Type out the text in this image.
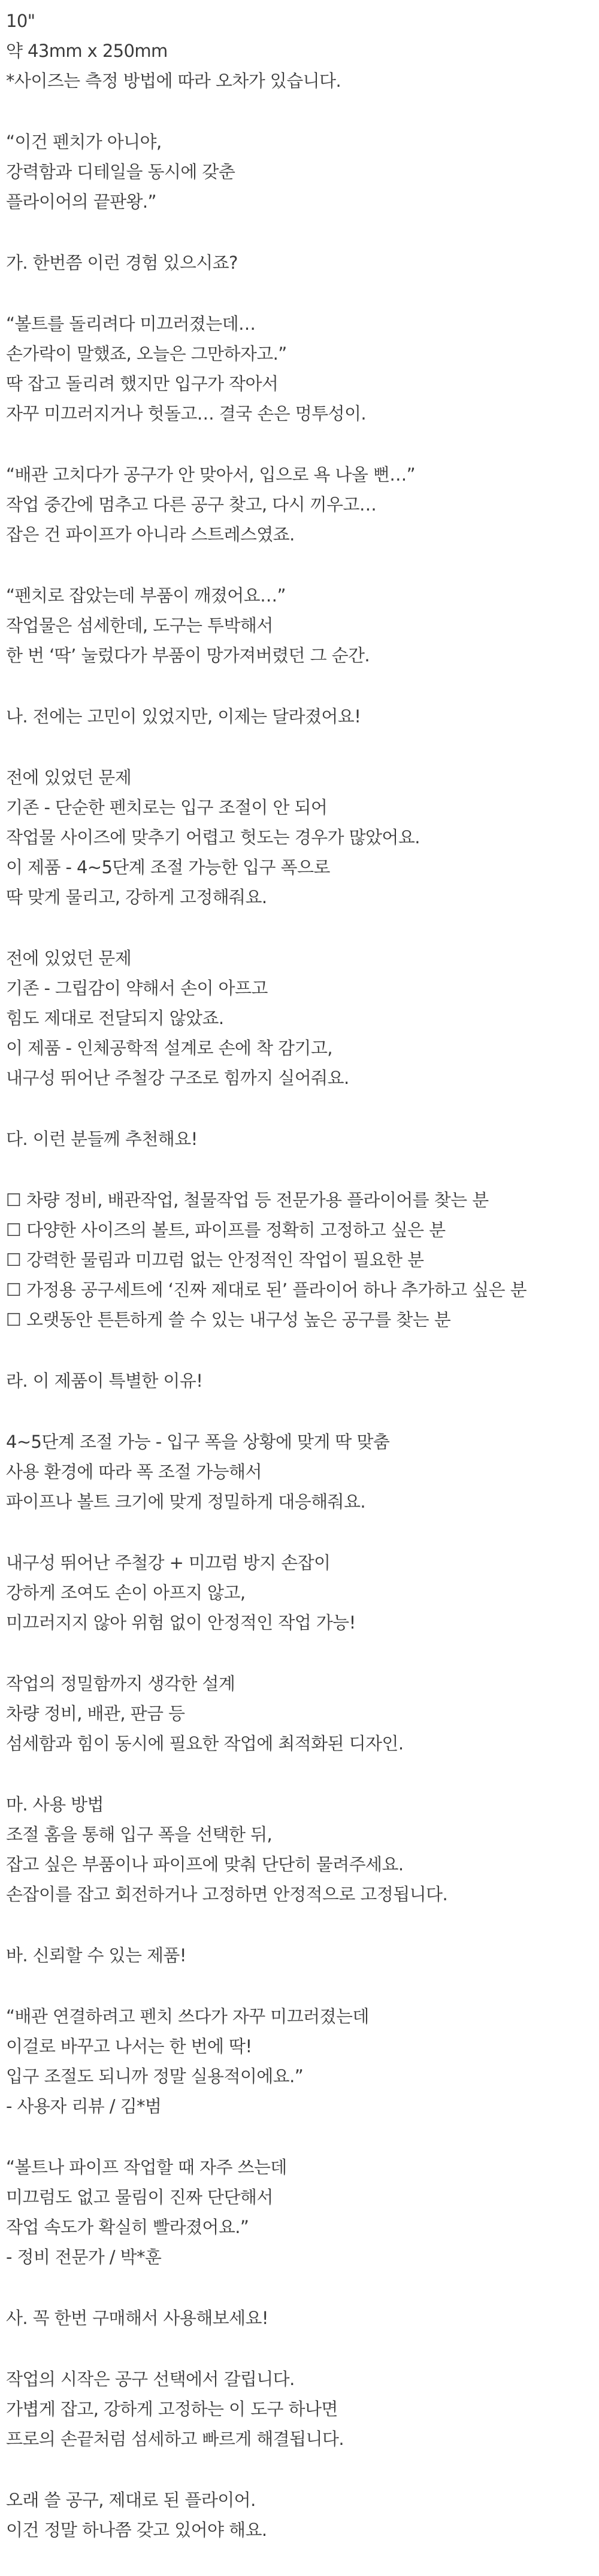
10"
약 43mm x 250mm
*사이즈는 측정 방법에 따라 오차가 있습니다.
“이건 펜치가 아니야,
강력함과 디테일을 동시에 갖춘
플라이어의 끝판왕.”
가. 한번쯤 이런 경험 있으시죠?
“볼트를 돌리려다 미끄러졌는데…
손가락이 말했죠, 오늘은 그만하자고.”
딱 잡고 돌리려 했지만 입구가 작아서
자꾸 미끄러지거나 헛돌고… 결국 손은 멍투성이.
“배관 고치다가 공구가 안 맞아서, 입으로 욕 나올 뻔…”
작업 중간에 멈추고 다른 공구 찾고, 다시 끼우고…
잡은 건 파이프가 아니라 스트레스였죠.
“펜치로 잡았는데 부품이 깨졌어요…”
작업물은 섬세한데, 도구는 투박해서
한 번 ‘딱’ 눌렀다가 부품이 망가져버렸던 그 순간.
나. 전에는 고민이 있었지만, 이제는 달라졌어요!
전에 있었던 문제
기존 - 단순한 펜치로는 입구 조절이 안 되어
작업물 사이즈에 맞추기 어렵고 헛도는 경우가 많았어요.
이 제품 - 4~5단계 조절 가능한 입구 폭으로
딱 맞게 물리고, 강하게 고정해줘요.
전에 있었던 문제
기존 - 그립감이 약해서 손이 아프고
힘도 제대로 전달되지 않았죠.
이 제품 - 인체공학적 설계로 손에 착 감기고,
내구성 뛰어난 주철강 구조로 힘까지 실어줘요.
다. 이런 분들께 추천해요!
☐ 차량 정비, 배관작업, 철물작업 등 전문가용 플라이어를 찾는 분
☐ 다양한 사이즈의 볼트, 파이프를 정확히 고정하고 싶은 분
☐ 강력한 물림과 미끄럼 없는 안정적인 작업이 필요한 분
☐ 가정용 공구세트에 ‘진짜 제대로 된’ 플라이어 하나 추가하고 싶은 분
☐ 오랫동안 튼튼하게 쓸 수 있는 내구성 높은 공구를 찾는 분
라. 이 제품이 특별한 이유!
4~5단계 조절 가능 - 입구 폭을 상황에 맞게 딱 맞춤
사용 환경에 따라 폭 조절 가능해서
파이프나 볼트 크기에 맞게 정밀하게 대응해줘요.
내구성 뛰어난 주철강 + 미끄럼 방지 손잡이
강하게 조여도 손이 아프지 않고,
미끄러지지 않아 위험 없이 안정적인 작업 가능!
작업의 정밀함까지 생각한 설계
차량 정비, 배관, 판금 등
섬세함과 힘이 동시에 필요한 작업에 최적화된 디자인.
마. 사용 방법
조절 홈을 통해 입구 폭을 선택한 뒤,
잡고 싶은 부품이나 파이프에 맞춰 단단히 물려주세요.
손잡이를 잡고 회전하거나 고정하면 안정적으로 고정됩니다.
바. 신뢰할 수 있는 제품!
“배관 연결하려고 펜치 쓰다가 자꾸 미끄러졌는데
이걸로 바꾸고 나서는 한 번에 딱!
입구 조절도 되니까 정말 실용적이에요.”
- 사용자 리뷰 / 김*범
“볼트나 파이프 작업할 때 자주 쓰는데
미끄럼도 없고 물림이 진짜 단단해서
작업 속도가 확실히 빨라졌어요.”
- 정비 전문가 / 박*훈
사. 꼭 한번 구매해서 사용해보세요!
작업의 시작은 공구 선택에서 갈립니다.
가볍게 잡고, 강하게 고정하는 이 도구 하나면
프로의 손끝처럼 섬세하고 빠르게 해결됩니다.
오래 쓸 공구, 제대로 된 플라이어.
이건 정말 하나쯤 갖고 있어야 해요.
